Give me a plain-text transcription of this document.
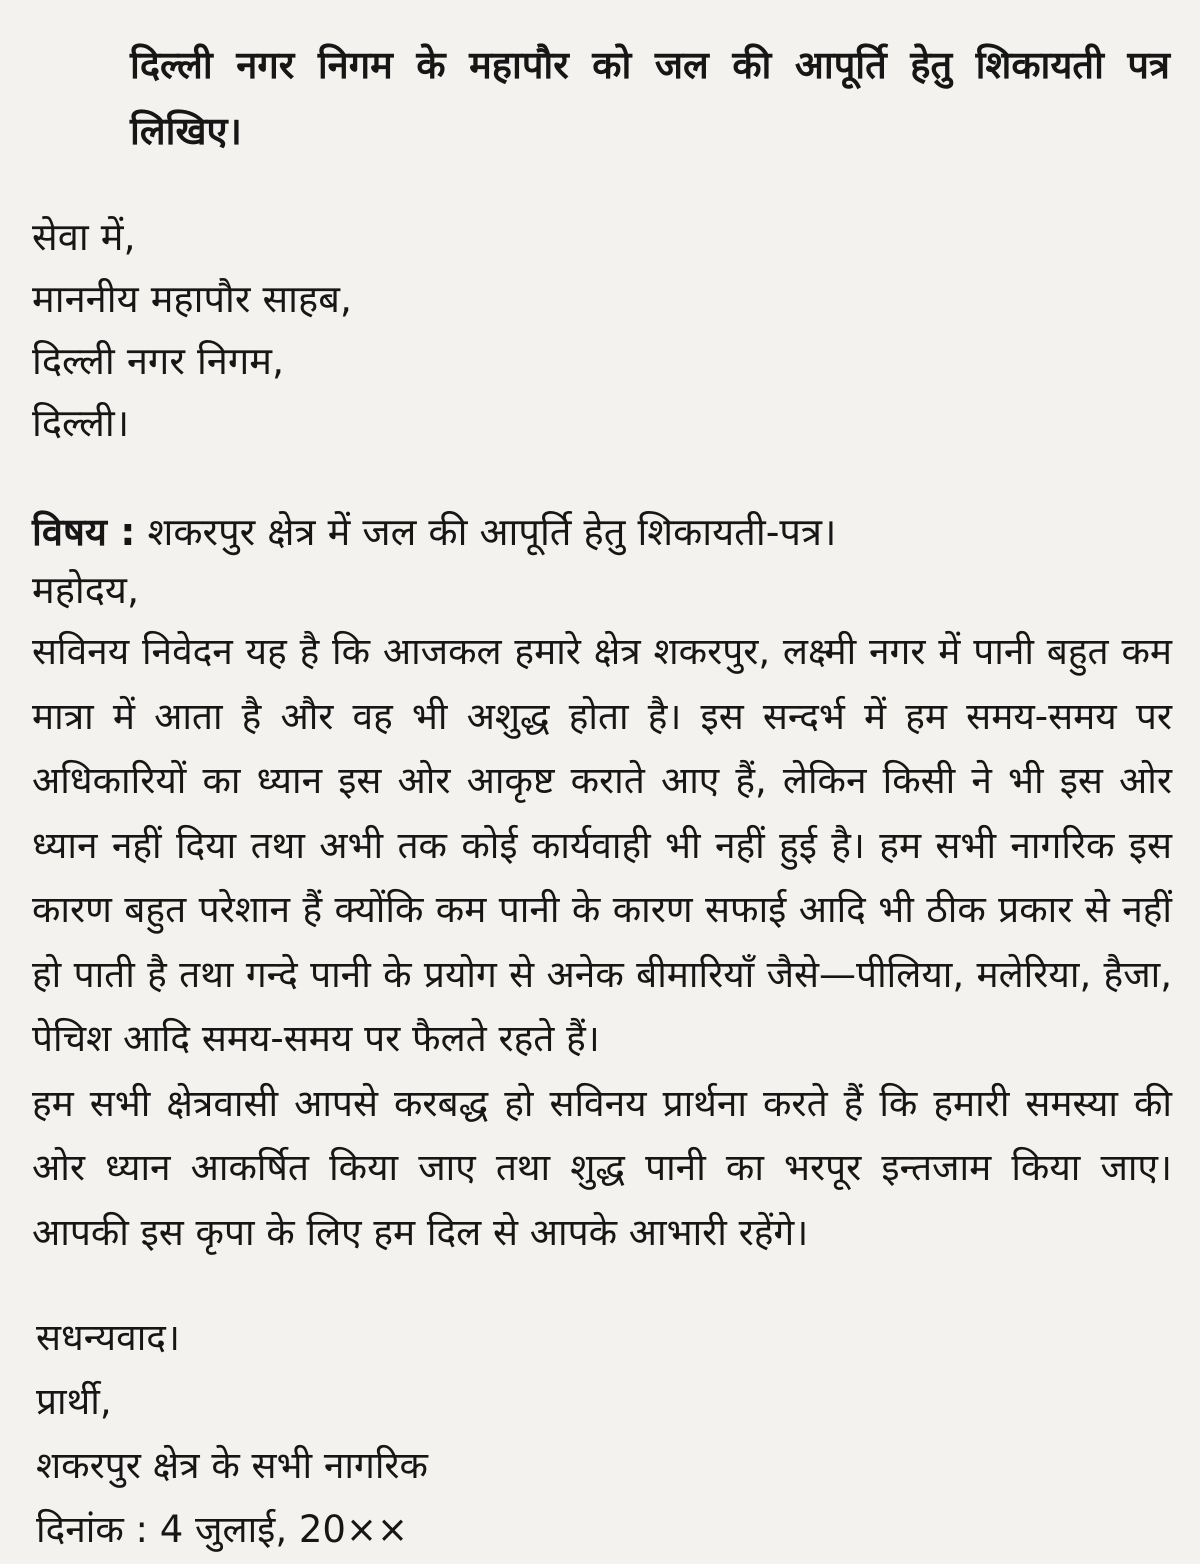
दिल्ली नगर निगम के महापौर को जल की आपूर्ति हेतु शिकायती पत्र लिखिए।
सेवा में,
माननीय महापौर साहब,
दिल्ली नगर निगम,
दिल्ली।
विषय : शकरपुर क्षेत्र में जल की आपूर्ति हेतु शिकायती-पत्र।
महोदय,

सविनय निवेदन यह है कि आजकल हमारे क्षेत्र शकरपुर, लक्ष्मी नगर में पानी बहुत कम मात्रा में आता है और वह भी अशुद्ध होता है। इस सन्दर्भ में हम समय-समय पर अधिकारियों का ध्यान इस ओर आकृष्ट कराते आए हैं, लेकिन किसी ने भी इस ओर ध्यान नहीं दिया तथा अभी तक कोई कार्यवाही भी नहीं हुई है। हम सभी नागरिक इस कारण बहुत परेशान हैं क्योंकि कम पानी के कारण सफाई आदि भी ठीक प्रकार से नहीं हो पाती है तथा गन्दे पानी के प्रयोग से अनेक बीमारियाँ जैसे—पीलिया, मलेरिया, हैजा, पेचिश आदि समय-समय पर फैलते रहते हैं।

हम सभी क्षेत्रवासी आपसे करबद्ध हो सविनय प्रार्थना करते हैं कि हमारी समस्या की ओर ध्यान आकर्षित किया जाए तथा शुद्ध पानी का भरपूर इन्तजाम किया जाए। आपकी इस कृपा के लिए हम दिल से आपके आभारी रहेंगे।

सधन्यवाद।
प्रार्थी,
शकरपुर क्षेत्र के सभी नागरिक
दिनांक : 4 जुलाई, 20××
